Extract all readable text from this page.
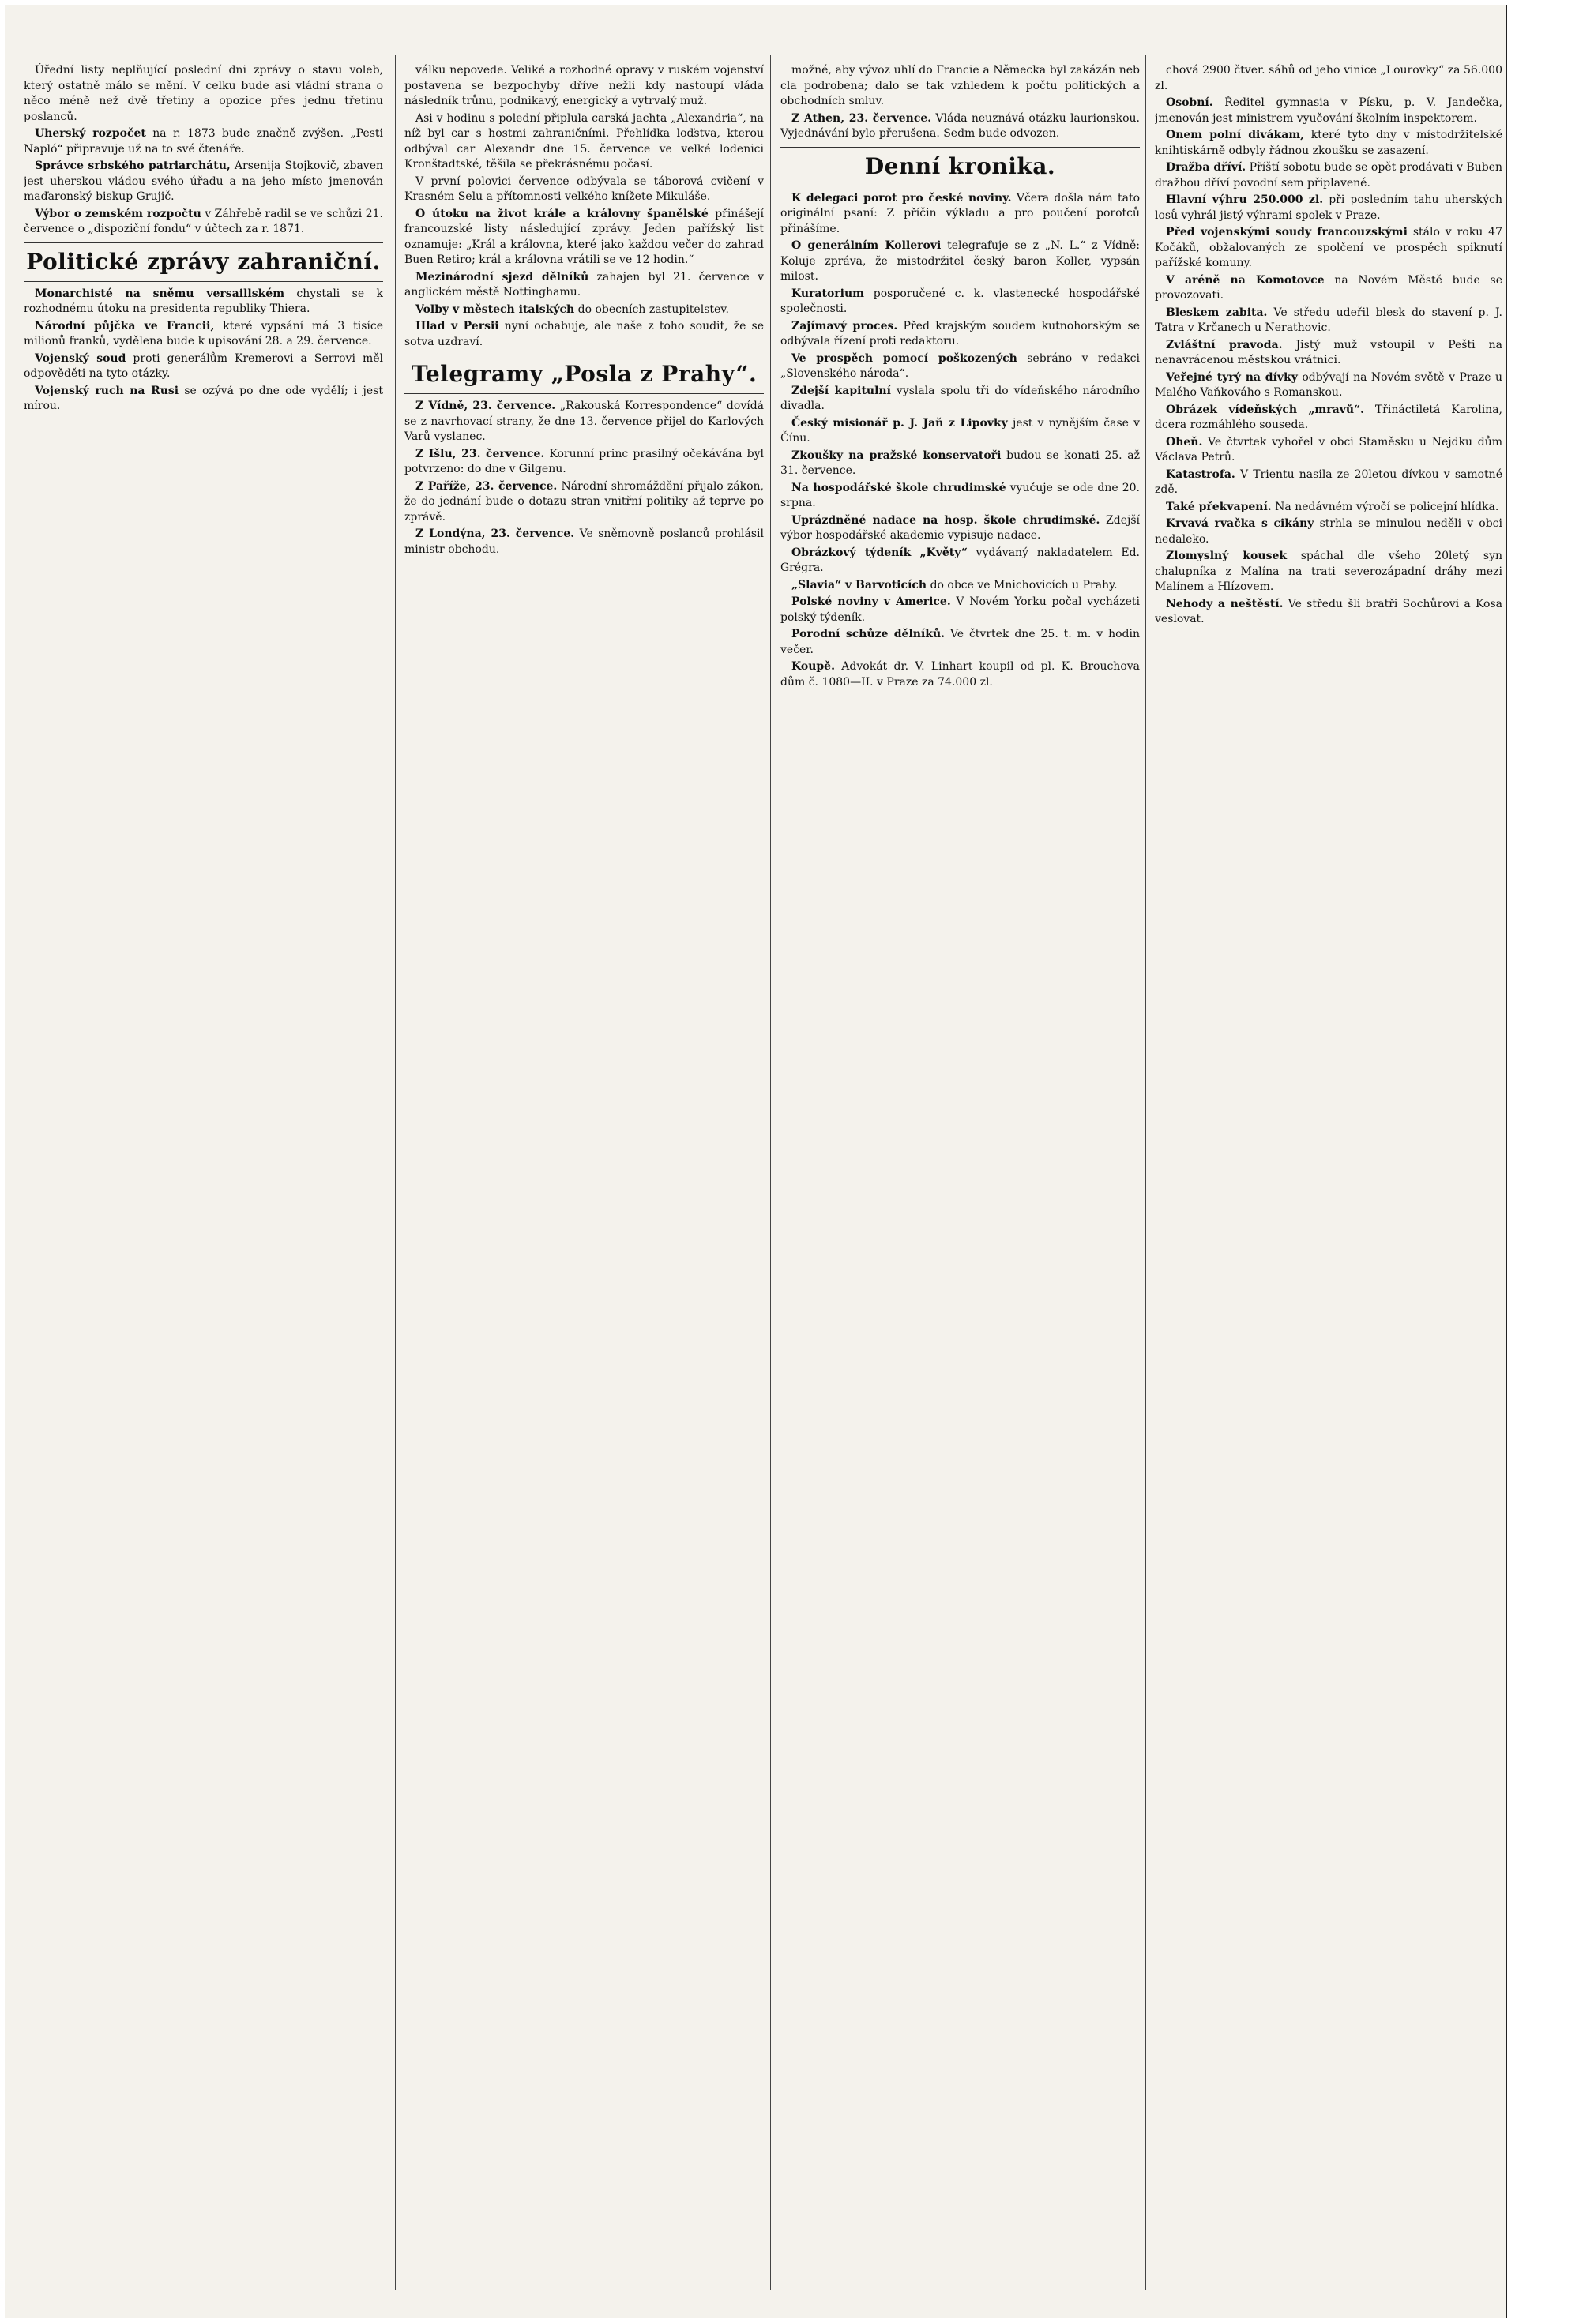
Úřední listy neplňující poslední dni zprávy o stavu voleb, který ostatně málo se mění. V celku bude asi vládní strana o něco méně než dvě třetiny a opozice přes jednu třetinu poslanců.

Uherský rozpočet na r. 1873 bude značně zvýšen. „Pesti Napló“ připravuje už na to své čtenáře.

Správce srbského patriarchátu, Arsenija Stojkovič, zbaven jest uherskou vládou svého úřadu a na jeho místo jmenován maďaronský biskup Grujič.

Výbor o zemském rozpočtu v Záhřebě radil se ve schůzi 21. července o „dispoziční fondu“ v účtech za r. 1871.

Politické zprávy zahraniční.

Monarchisté na sněmu versaillském chystali se k rozhodnému útoku na presidenta republiky Thiera.

Národní půjčka ve Francii, které vypsání má 3 tisíce milionů franků, vydělena bude k upisování 28. a 29. července.

Vojenský soud proti generálům Kremerovi a Serrovi měl odpověděti na tyto otázky.

Vojenský ruch na Rusi se ozývá po dne ode vydělí; i jest mírou.

válku nepovede. Veliké a rozhodné opravy v ruském vojenství postavena se bezpochyby dříve nežli kdy nastoupí vláda následník trůnu, podnikavý, energický a vytrvalý muž.

Asi v hodinu s polední připlula carská jachta „Alexandria“, na níž byl car s hostmi zahraničními. Přehlídka loďstva, kterou odbýval car Alexandr dne 15. července ve velké lodenici Kronštadtské, těšila se překrásnému počasí.

V první polovici července odbývala se táborová cvičení v Krasném Selu a přítomnosti velkého knížete Mikuláše.

O útoku na život krále a královny španělské přinášejí francouzské listy následující zprávy. Jeden pařížský list oznamuje: „Král a královna, které jako každou večer do zahrad Buen Retiro; král a královna vrátili se ve 12 hodin.“

Mezinárodní sjezd dělníků zahajen byl 21. července v anglickém městě Nottinghamu.

Volby v městech italských do obecních zastupitelstev.

Hlad v Persii nyní ochabuje, ale naše z toho soudit, že se sotva uzdraví.

Telegramy „Posla z Prahy“.

Z Vídně, 23. července. „Rakouská Korrespondence“ dovídá se z navrhovací strany, že dne 13. července přijel do Karlových Varů vyslanec.

Z Išlu, 23. července. Korunní princ prasilný očekávána byl potvrzeno: do dne v Gilgenu.

Z Paříže, 23. července. Národní shromáždění přijalo zákon, že do jednání bude o dotazu stran vnitřní politiky až teprve po zprávě.

Z Londýna, 23. července. Ve sněmovně poslanců prohlásil ministr obchodu.

možné, aby vývoz uhlí do Francie a Německa byl zakázán neb cla podrobena; dalo se tak vzhledem k počtu politických a obchodních smluv.

Z Athen, 23. července. Vláda neuznává otázku laurionskou. Vyjednávání bylo přerušena. Sedm bude odvozen.

Denní kronika.

K delegaci porot pro české noviny. Včera došla nám tato originální psaní: Z příčin výkladu a pro poučení porotců přinášíme.

O generálním Kollerovi telegrafuje se z „N. L.“ z Vídně: Koluje zpráva, že mistodržitel český baron Koller, vypsán milost.

Kuratorium posporučené c. k. vlastenecké hospodářské společnosti.

Zajímavý proces. Před krajským soudem kutnohorským se odbývala řízení proti redaktoru.

Ve prospěch pomocí poškozených sebráno v redakci „Slovenského národa“.

Zdejší kapitulní vyslala spolu tři do vídeňského národního divadla.

Český misionář p. J. Jaň z Lipovky jest v nynějším čase v Čínu.

Zkoušky na pražské konservatoři budou se konati 25. až 31. července.

Na hospodářské škole chrudimské vyučuje se ode dne 20. srpna.

Uprázdněné nadace na hosp. škole chrudimské. Zdejší výbor hospodářské akademie vypisuje nadace.

Obrázkový týdeník „Květy“ vydávaný nakladatelem Ed. Grégra.

„Slavia“ v Barvoticích do obce ve Mnichovicích u Prahy.

Polské noviny v Americe. V Novém Yorku počal vycházeti polský týdeník.

Porodní schůze dělníků. Ve čtvrtek dne 25. t. m. v hodin večer.

Koupě. Advokát dr. V. Linhart koupil od pl. K. Brouchova dům č. 1080—II. v Praze za 74.000 zl.

chová 2900 čtver. sáhů od jeho vinice „Lourovky“ za 56.000 zl.

Osobní. Ředitel gymnasia v Písku, p. V. Jandečka, jmenován jest ministrem vyučování školním inspektorem.

Onem polní divákam, které tyto dny v místodržitelské knihtiskárně odbyly řádnou zkoušku se zasazení.

Dražba dříví. Příští sobotu bude se opět prodávati v Buben dražbou dříví povodní sem připlavené.

Hlavní výhru 250.000 zl. při posledním tahu uherských losů vyhrál jistý výhrami spolek v Praze.

Před vojenskými soudy francouzskými stálo v roku 47 Kočáků, obžalovaných ze spolčení ve prospěch spiknutí pařížské komuny.

V aréně na Komotovce na Novém Městě bude se provozovati.

Bleskem zabita. Ve středu udeřil blesk do stavení p. J. Tatra v Krčanech u Nerathovic.

Zvláštní pravoda. Jistý muž vstoupil v Pešti na nenavrácenou městskou vrátnici.

Veřejné tyrý na dívky odbývají na Novém světě v Praze u Malého Vaňkováho s Romanskou.

Obrázek vídeňských „mravů“. Třináctiletá Karolina, dcera rozmáhlého souseda.

Oheň. Ve čtvrtek vyhořel v obci Staměsku u Nejdku dům Václava Petrů.

Katastrofa. V Trientu nasila ze 20letou dívkou v samotné zdě.

Také překvapení. Na nedávném výročí se policejní hlídka.

Krvavá rvačka s cikány strhla se minulou neděli v obci nedaleko.

Zlomyslný kousek spáchal dle všeho 20letý syn chalupníka z Malína na trati severozápadní dráhy mezi Malínem a Hlízovem.

Nehody a neštěstí. Ve středu šli bratři Sochůrovi a Kosa veslovat.
